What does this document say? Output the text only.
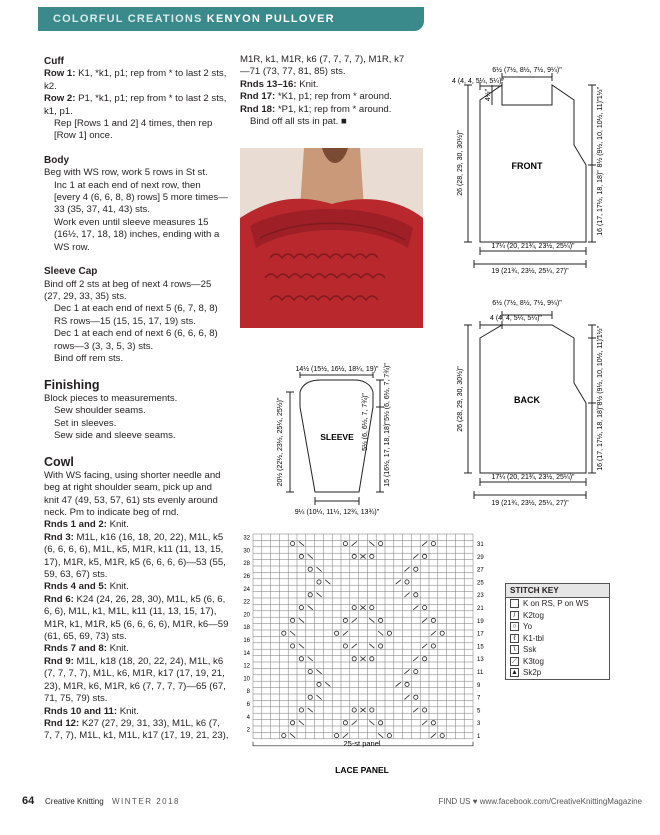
COLORFUL CREATIONS KENYON PULLOVER
Cuff
Row 1: K1, *k1, p1; rep from * to last 2 sts, k2.
Row 2: P1, *k1, p1; rep from * to last 2 sts, k1, p1.
Rep [Rows 1 and 2] 4 times, then rep [Row 1] once.
Body
Beg with WS row, work 5 rows in St st.
Inc 1 at each end of next row, then [every 4 (6, 6, 8, 8) rows] 5 more times—33 (35, 37, 41, 43) sts.
Work even until sleeve measures 15 (16½, 17, 18, 18) inches, ending with a WS row.
Sleeve Cap
Bind off 2 sts at beg of next 4 rows—25 (27, 29, 33, 35) sts.
Dec 1 at each end of next 5 (6, 7, 8, 8) RS rows—15 (15, 15, 17, 19) sts.
Dec 1 at each end of next 6 (6, 6, 6, 8) rows—3 (3, 3, 5, 3) sts.
Bind off rem sts.
Finishing
Block pieces to measurements.
Sew shoulder seams.
Set in sleeves.
Sew side and sleeve seams.
Cowl
With WS facing, using shorter needle and beg at right shoulder seam, pick up and knit 47 (49, 53, 57, 61) sts evenly around neck. Pm to indicate beg of rnd.
Rnds 1 and 2: Knit.
Rnd 3: M1L, k16 (16, 18, 20, 22), M1L, k5 (6, 6, 6, 6), M1L, k5, M1R, k11 (11, 13, 15, 17), M1R, k5, M1R, k5 (6, 6, 6, 6)—53 (55, 59, 63, 67) sts.
Rnds 4 and 5: Knit.
Rnd 6: K24 (24, 26, 28, 30), M1L, k5 (6, 6, 6, 6), M1L, k1, M1L, k11 (11, 13, 15, 17), M1R, k1, M1R, k5 (6, 6, 6, 6), M1R, k6—59 (61, 65, 69, 73) sts.
Rnds 7 and 8: Knit.
Rnd 9: M1L, k18 (18, 20, 22, 24), M1L, k6 (7, 7, 7, 7), M1L, k6, M1R, k17 (17, 19, 21, 23), M1R, k6, M1R, k6 (7, 7, 7, 7)—65 (67, 71, 75, 79) sts.
Rnds 10 and 11: Knit.
Rnd 12: K27 (27, 29, 31, 33), M1L, k6 (7, 7, 7, 7), M1L, k1, M1L, k17 (17, 19, 21, 23),
M1R, k1, M1R, k6 (7, 7, 7, 7), M1R, k7—71 (73, 77, 81, 85) sts.
Rnds 13–16: Knit.
Rnd 17: *K1, p1; rep from * around.
Rnd 18: *P1, k1; rep from * around.
Bind off all sts in pat. ■
6½ (7½, 8½, 7½, 9¼)"
4 (4, 4, 5¼, 5¼)"
4½"
FRONT
26 (28, 29, 30, 30½)"
1½"
8½ (9½, 10, 10½, 11)"
16 (17, 17½, 18, 18)"
17¼ (20, 21¾, 23½, 25¼)"
19 (21¾, 23½, 25¼, 27)"
6½ (7½, 8½, 7½, 9¼)"
4 (4, 4, 5¼, 5¼)"
BACK
26 (28, 29, 30, 30½)"
1½"
8½ (9½, 10, 10½, 11)"
16 (17, 17½, 18, 18)"
17¼ (20, 21¾, 23½, 25¼)"
19 (21¾, 23½, 25¼, 27)"
14½ (15½, 16½, 18¼, 19)"
SLEEVE
5½ (6, 6½, 7, 7¾)"
5½ (6, 6½, 7, 7¾)"
20½ (22½, 23½, 25¼, 25½)"	15 (16½, 17, 18, 18)"
9¼ (10¼, 11¼, 12¾, 13¾)"
32
30
28
26
24
22
20
18
16
14
12
10
8
6
4
2
31
29
27
25
23
21
19
17
15
13
11
9
7
5
3
1
25-st panel
LACE PANEL
STITCH KEY
K on RS, P on WS
/ K2tog
○ Yo
ℓ K1-tbl
\ Ssk
⟋ K3tog
▲ Sk2p
64 Creative Knitting WINTER 2018	FIND US ♥ www.facebook.com/CreativeKnittingMagazine
